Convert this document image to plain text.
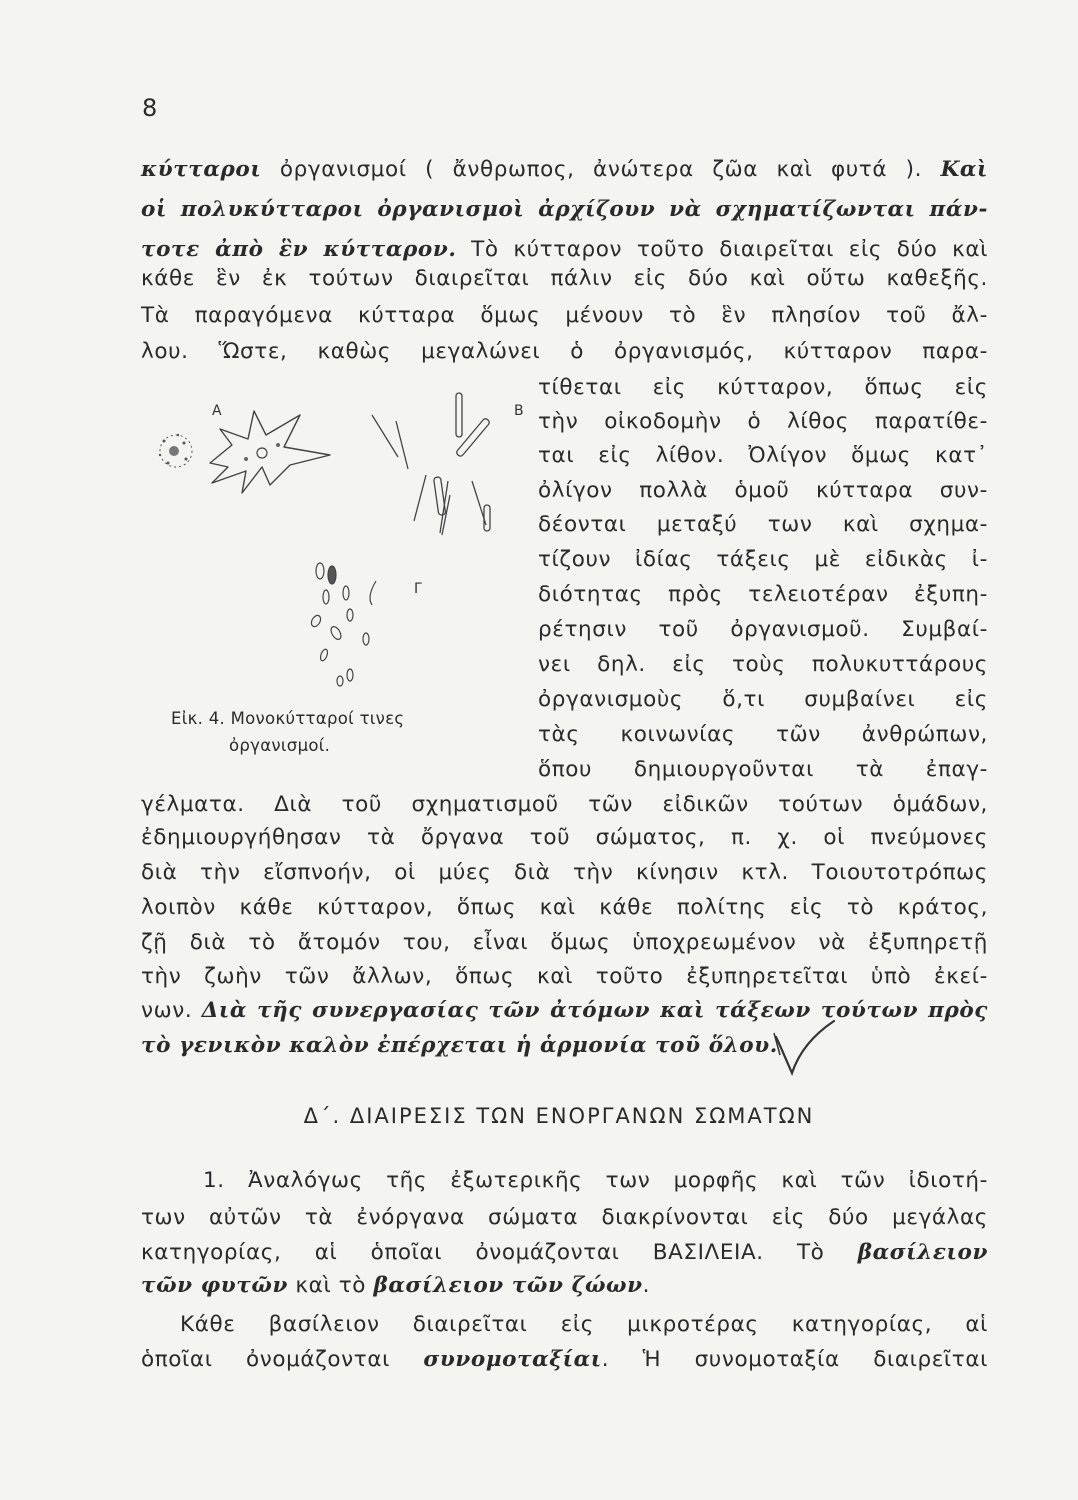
8
κύτταροι ὀργανισμοί ( ἄνθρωπος, ἀνώτερα ζῶα καὶ φυτά ). Καὶ
οἱ πολυκύτταροι ὀργανισμοὶ ἀρχίζουν νὰ σχηματίζωνται πάν-
τοτε ἀπὸ ἓν κύτταρον. Τὸ κύτταρον τοῦτο διαιρεῖται εἰς δύο καὶ
κάθε ἓν ἐκ τούτων διαιρεῖται πάλιν εἰς δύο καὶ οὕτω καθεξῆς.
Τὰ παραγόμενα κύτταρα ὅμως μένουν τὸ ἓν πλησίον τοῦ ἄλ-
λου. Ὥστε, καθὼς μεγαλώνει ὁ ὀργανισμός, κύτταρον παρα-
τίθεται εἰς κύτταρον, ὅπως εἰς
τὴν οἰκοδομὴν ὁ λίθος παρατίθε-
ται εἰς λίθον. Ὀλίγον ὅμως κατ᾽
ὀλίγον πολλὰ ὁμοῦ κύτταρα συν-
δέονται μεταξύ των καὶ σχημα-
τίζουν ἰδίας τάξεις μὲ εἰδικὰς ἰ-
διότητας πρὸς τελειοτέραν ἐξυπη-
ρέτησιν τοῦ ὀργανισμοῦ. Συμβαί-
νει δηλ. εἰς τοὺς πολυκυττάρους
ὀργανισμοὺς ὅ,τι συμβαίνει εἰς
τὰς κοινωνίας τῶν ἀνθρώπων,
ὅπου δημιουργοῦνται τὰ ἐπαγ-
γέλματα. Διὰ τοῦ σχηματισμοῦ τῶν εἰδικῶν τούτων ὁμάδων,
ἐδημιουργήθησαν τὰ ὄργανα τοῦ σώματος, π. χ. οἱ πνεύμονες
διὰ τὴν εἴσπνοήν, οἱ μύες διὰ τὴν κίνησιν κτλ. Τοιουτοτρόπως
λοιπὸν κάθε κύτταρον, ὅπως καὶ κάθε πολίτης εἰς τὸ κράτος,
ζῇ διὰ τὸ ἄτομόν του, εἶναι ὅμως ὑποχρεωμένον νὰ ἐξυπηρετῇ
τὴν ζωὴν τῶν ἄλλων, ὅπως καὶ τοῦτο ἐξυπηρετεῖται ὑπὸ ἐκεί-
νων. Διὰ τῆς συνεργασίας τῶν ἀτόμων καὶ τάξεων τούτων πρὸς
τὸ γενικὸν καλὸν ἐπέρχεται ἡ ἁρμονία τοῦ ὅλου.
Α	Β
Γ
Εἰκ. 4. Μονοκύτταροί τινες
ὀργανισμοί.
Δ΄. ΔΙΑΙΡΕΣΙΣ ΤΩΝ ΕΝΟΡΓΑΝΩΝ ΣΩΜΑΤΩΝ
1. Ἀναλόγως τῆς ἐξωτερικῆς των μορφῆς καὶ τῶν ἰδιοτή-
των αὐτῶν τὰ ἐνόργανα σώματα διακρίνονται εἰς δύο μεγάλας
κατηγορίας, αἱ ὁποῖαι ὀνομάζονται ΒΑΣΙΛΕΙΑ. Τὸ βασίλειον
τῶν φυτῶν καὶ τὸ βασίλειον τῶν ζώων.
Κάθε βασίλειον διαιρεῖται εἰς μικροτέρας κατηγορίας, αἱ
ὁποῖαι ὀνομάζονται συνομοταξίαι. Ἡ συνομοταξία διαιρεῖται
